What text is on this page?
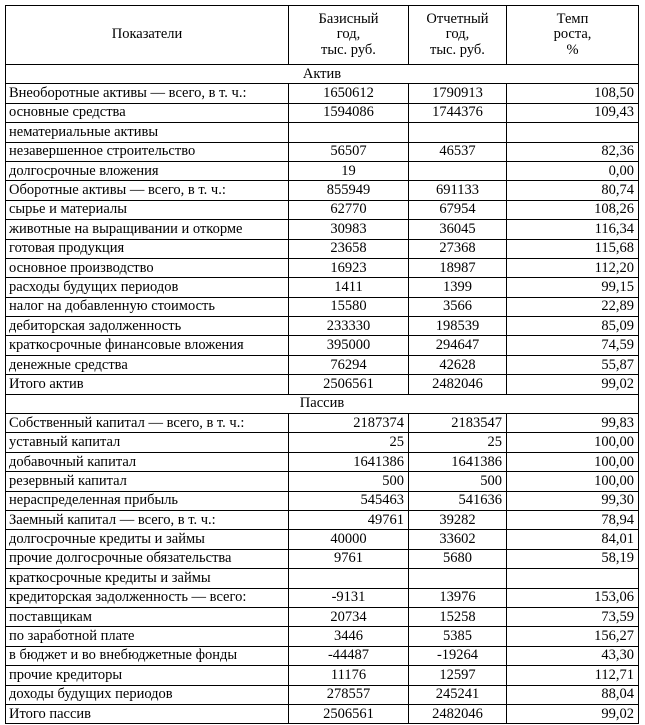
Показатели	Базисный
год,
тыс. руб.	Отчетный
год,
тыс. руб.	Темп
роста,
%
Актив			
Внеоборотные активы — всего, в т. ч.:	1650612	1790913	108,50
основные средства	1594086	1744376	109,43
нематериальные активы			
незавершенное строительство	56507	46537	82,36
долгосрочные вложения	19		0,00
Оборотные активы — всего, в т. ч.:	855949	691133	80,74
сырье и материалы	62770	67954	108,26
животные на выращивании и откорме	30983	36045	116,34
готовая продукция	23658	27368	115,68
основное производство	16923	18987	112,20
расходы будущих периодов	1411	1399	99,15
налог на добавленную стоимость	15580	3566	22,89
дебиторская задолженность	233330	198539	85,09
краткосрочные финансовые вложения	395000	294647	74,59
денежные средства	76294	42628	55,87
Итого актив	2506561	2482046	99,02
Пассив			
Собственный капитал — всего, в т. ч.:	2187374	2183547	99,83
уставный капитал	25	25	100,00
добавочный капитал	1641386	1641386	100,00
резервный капитал	500	500	100,00
нераспределенная прибыль	545463	541636	99,30
Заемный капитал — всего, в т. ч.:	49761	39282	78,94
долгосрочные кредиты и займы	40000	33602	84,01
прочие долгосрочные обязательства	9761	5680	58,19
краткосрочные кредиты и займы			
кредиторская задолженность — всего:	-9131	13976	153,06
поставщикам	20734	15258	73,59
по заработной плате	3446	5385	156,27
в бюджет и во внебюджетные фонды	-44487	-19264	43,30
прочие кредиторы	11176	12597	112,71
доходы будущих периодов	278557	245241	88,04
Итого пассив	2506561	2482046	99,02
